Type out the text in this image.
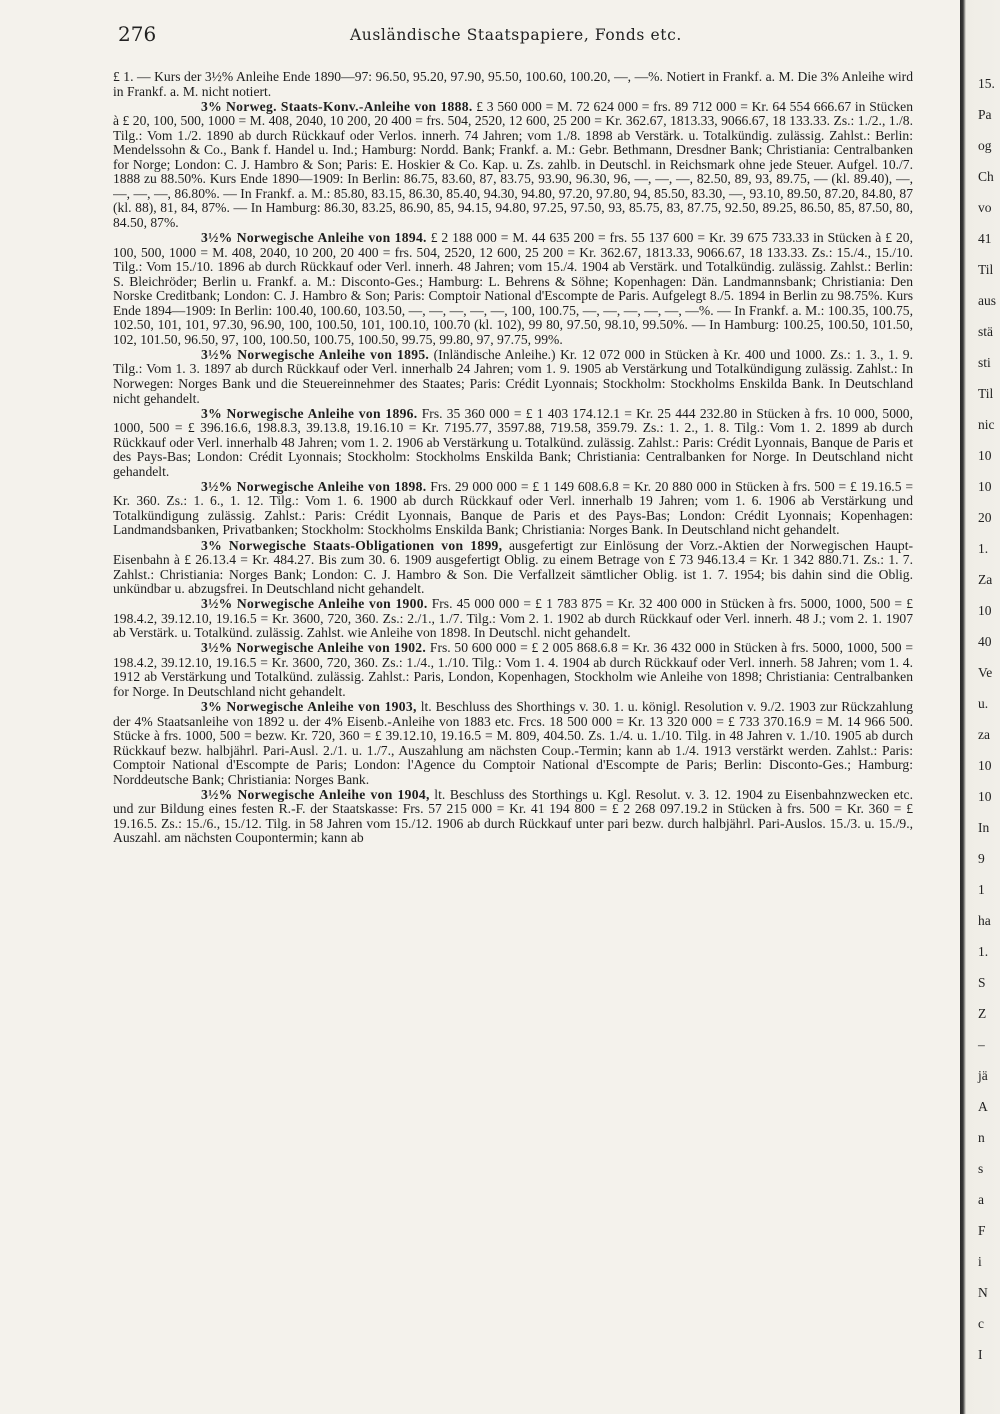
276	Ausländische Staatspapiere, Fonds etc.

£ 1. — Kurs der 3½% Anleihe Ende 1890—97: 96.50, 95.20, 97.90, 95.50, 100.60, 100.20, —, —%. Notiert in Frankf. a. M. Die 3% Anleihe wird in Frankf. a. M. nicht notiert.

3% Norweg. Staats-Konv.-Anleihe von 1888. £ 3 560 000 = M. 72 624 000 = frs. 89 712 000 = Kr. 64 554 666.67 in Stücken à £ 20, 100, 500, 1000 = M. 408, 2040, 10 200, 20 400 = frs. 504, 2520, 12 600, 25 200 = Kr. 362.67, 1813.33, 9066.67, 18 133.33. Zs.: 1./2., 1./8. Tilg.: Vom 1./2. 1890 ab durch Rückkauf oder Verlos. innerh. 74 Jahren; vom 1./8. 1898 ab Verstärk. u. Totalkündig. zulässig. Zahlst.: Berlin: Mendelssohn & Co., Bank f. Handel u. Ind.; Hamburg: Nordd. Bank; Frankf. a. M.: Gebr. Bethmann, Dresdner Bank; Christiania: Centralbanken for Norge; London: C. J. Hambro & Son; Paris: E. Hoskier & Co. Kap. u. Zs. zahlb. in Deutschl. in Reichsmark ohne jede Steuer. Aufgel. 10./7. 1888 zu 88.50%. Kurs Ende 1890—1909: In Berlin: 86.75, 83.60, 87, 83.75, 93.90, 96.30, 96, —, —, —, 82.50, 89, 93, 89.75, — (kl. 89.40), —, —, —, —, 86.80%. — In Frankf. a. M.: 85.80, 83.15, 86.30, 85.40, 94.30, 94.80, 97.20, 97.80, 94, 85.50, 83.30, —, 93.10, 89.50, 87.20, 84.80, 87 (kl. 88), 81, 84, 87%. — In Hamburg: 86.30, 83.25, 86.90, 85, 94.15, 94.80, 97.25, 97.50, 93, 85.75, 83, 87.75, 92.50, 89.25, 86.50, 85, 87.50, 80, 84.50, 87%.

3½% Norwegische Anleihe von 1894. £ 2 188 000 = M. 44 635 200 = frs. 55 137 600 = Kr. 39 675 733.33 in Stücken à £ 20, 100, 500, 1000 = M. 408, 2040, 10 200, 20 400 = frs. 504, 2520, 12 600, 25 200 = Kr. 362.67, 1813.33, 9066.67, 18 133.33. Zs.: 15./4., 15./10. Tilg.: Vom 15./10. 1896 ab durch Rückkauf oder Verl. innerh. 48 Jahren; vom 15./4. 1904 ab Verstärk. und Totalkündig. zulässig. Zahlst.: Berlin: S. Bleichröder; Berlin u. Frankf. a. M.: Disconto-Ges.; Hamburg: L. Behrens & Söhne; Kopenhagen: Dän. Landmannsbank; Christiania: Den Norske Creditbank; London: C. J. Hambro & Son; Paris: Comptoir National d'Escompte de Paris. Aufgelegt 8./5. 1894 in Berlin zu 98.75%. Kurs Ende 1894—1909: In Berlin: 100.40, 100.60, 103.50, —, —, —, —, —, 100, 100.75, —, —, —, —, —, —%. — In Frankf. a. M.: 100.35, 100.75, 102.50, 101, 101, 97.30, 96.90, 100, 100.50, 101, 100.10, 100.70 (kl. 102), 99 80, 97.50, 98.10, 99.50%. — In Hamburg: 100.25, 100.50, 101.50, 102, 101.50, 96.50, 97, 100, 100.50, 100.75, 100.50, 99.75, 99.80, 97, 97.75, 99%.

3½% Norwegische Anleihe von 1895. (Inländische Anleihe.) Kr. 12 072 000 in Stücken à Kr. 400 und 1000. Zs.: 1. 3., 1. 9. Tilg.: Vom 1. 3. 1897 ab durch Rückkauf oder Verl. innerhalb 24 Jahren; vom 1. 9. 1905 ab Verstärkung und Totalkündigung zulässig. Zahlst.: In Norwegen: Norges Bank und die Steuereinnehmer des Staates; Paris: Crédit Lyonnais; Stockholm: Stockholms Enskilda Bank. In Deutschland nicht gehandelt.

3% Norwegische Anleihe von 1896. Frs. 35 360 000 = £ 1 403 174.12.1 = Kr. 25 444 232.80 in Stücken à frs. 10 000, 5000, 1000, 500 = £ 396.16.6, 198.8.3, 39.13.8, 19.16.10 = Kr. 7195.77, 3597.88, 719.58, 359.79. Zs.: 1. 2., 1. 8. Tilg.: Vom 1. 2. 1899 ab durch Rückkauf oder Verl. innerhalb 48 Jahren; vom 1. 2. 1906 ab Verstärkung u. Totalkünd. zulässig. Zahlst.: Paris: Crédit Lyonnais, Banque de Paris et des Pays-Bas; London: Crédit Lyonnais; Stockholm: Stockholms Enskilda Bank; Christiania: Centralbanken for Norge. In Deutschland nicht gehandelt.

3½% Norwegische Anleihe von 1898. Frs. 29 000 000 = £ 1 149 608.6.8 = Kr. 20 880 000 in Stücken à frs. 500 = £ 19.16.5 = Kr. 360. Zs.: 1. 6., 1. 12. Tilg.: Vom 1. 6. 1900 ab durch Rückkauf oder Verl. innerhalb 19 Jahren; vom 1. 6. 1906 ab Verstärkung und Totalkündigung zulässig. Zahlst.: Paris: Crédit Lyonnais, Banque de Paris et des Pays-Bas; London: Crédit Lyonnais; Kopenhagen: Landmandsbanken, Privatbanken; Stockholm: Stockholms Enskilda Bank; Christiania: Norges Bank. In Deutschland nicht gehandelt.

3% Norwegische Staats-Obligationen von 1899, ausgefertigt zur Einlösung der Vorz.-Aktien der Norwegischen Haupt-Eisenbahn à £ 26.13.4 = Kr. 484.27. Bis zum 30. 6. 1909 ausgefertigt Oblig. zu einem Betrage von £ 73 946.13.4 = Kr. 1 342 880.71. Zs.: 1. 7. Zahlst.: Christiania: Norges Bank; London: C. J. Hambro & Son. Die Verfallzeit sämtlicher Oblig. ist 1. 7. 1954; bis dahin sind die Oblig. unkündbar u. abzugsfrei. In Deutschland nicht gehandelt.

3½% Norwegische Anleihe von 1900. Frs. 45 000 000 = £ 1 783 875 = Kr. 32 400 000 in Stücken à frs. 5000, 1000, 500 = £ 198.4.2, 39.12.10, 19.16.5 = Kr. 3600, 720, 360. Zs.: 2./1., 1./7. Tilg.: Vom 2. 1. 1902 ab durch Rückkauf oder Verl. innerh. 48 J.; vom 2. 1. 1907 ab Verstärk. u. Totalkünd. zulässig. Zahlst. wie Anleihe von 1898. In Deutschl. nicht gehandelt.

3½% Norwegische Anleihe von 1902. Frs. 50 600 000 = £ 2 005 868.6.8 = Kr. 36 432 000 in Stücken à frs. 5000, 1000, 500 = 198.4.2, 39.12.10, 19.16.5 = Kr. 3600, 720, 360. Zs.: 1./4., 1./10. Tilg.: Vom 1. 4. 1904 ab durch Rückkauf oder Verl. innerh. 58 Jahren; vom 1. 4. 1912 ab Verstärkung und Totalkünd. zulässig. Zahlst.: Paris, London, Kopenhagen, Stockholm wie Anleihe von 1898; Christiania: Centralbanken for Norge. In Deutschland nicht gehandelt.

3% Norwegische Anleihe von 1903, lt. Beschluss des Shorthings v. 30. 1. u. königl. Resolution v. 9./2. 1903 zur Rückzahlung der 4% Staatsanleihe von 1892 u. der 4% Eisenb.-Anleihe von 1883 etc. Frcs. 18 500 000 = Kr. 13 320 000 = £ 733 370.16.9 = M. 14 966 500. Stücke à frs. 1000, 500 = bezw. Kr. 720, 360 = £ 39.12.10, 19.16.5 = M. 809, 404.50. Zs. 1./4. u. 1./10. Tilg. in 48 Jahren v. 1./10. 1905 ab durch Rückkauf bezw. halbjährl. Pari-Ausl. 2./1. u. 1./7., Auszahlung am nächsten Coup.-Termin; kann ab 1./4. 1913 verstärkt werden. Zahlst.: Paris: Comptoir National d'Escompte de Paris; London: l'Agence du Comptoir National d'Escompte de Paris; Berlin: Disconto-Ges.; Hamburg: Norddeutsche Bank; Christiania: Norges Bank.

3½% Norwegische Anleihe von 1904, lt. Beschluss des Storthings u. Kgl. Resolut. v. 3. 12. 1904 zu Eisenbahnzwecken etc. und zur Bildung eines festen R.-F. der Staatskasse: Frs. 57 215 000 = Kr. 41 194 800 = £ 2 268 097.19.2 in Stücken à frs. 500 = Kr. 360 = £ 19.16.5. Zs.: 15./6., 15./12. Tilg. in 58 Jahren vom 15./12. 1906 ab durch Rückkauf unter pari bezw. durch halbjährl. Pari-Auslos. 15./3. u. 15./9., Auszahl. am nächsten Coupontermin; kann ab

15.
Pa
og
Ch
vo
41
Til
aus
stä
sti
Til
nic
10
10
20
1.
Za
10
40
Ve
u.
za
10
10
In
9
1
ha
1.
S
Z
–
jä
A
n
s
a
F
i
N
c
I
